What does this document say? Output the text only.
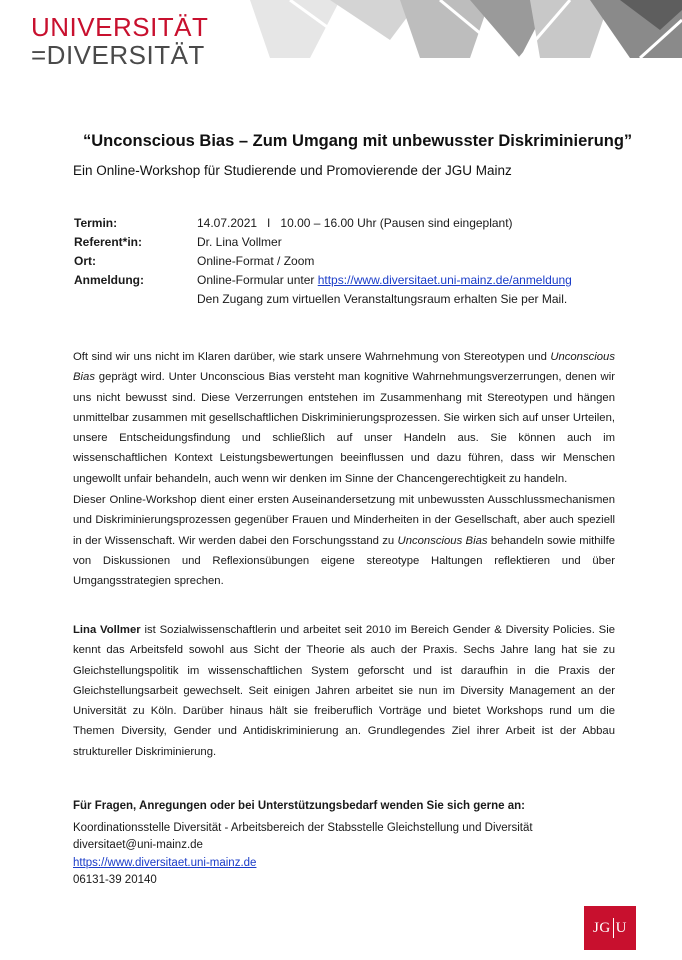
UNIVERSITÄT
=DIVERSITÄT
“Unconscious Bias – Zum Umgang mit unbewusster Diskriminierung”
Ein Online-Workshop für Studierende und Promovierende der JGU Mainz
Termin:	14.07.2021   I   10.00 – 16.00 Uhr (Pausen sind eingeplant)
Referent*in:	Dr. Lina Vollmer
Ort:	Online-Format / Zoom
Anmeldung:	Online-Formular unter https://www.diversitaet.uni-mainz.de/anmeldung
Den Zugang zum virtuellen Veranstaltungsraum erhalten Sie per Mail.
Oft sind wir uns nicht im Klaren darüber, wie stark unsere Wahrnehmung von Stereotypen und Unconscious Bias geprägt wird. Unter Unconscious Bias versteht man kognitive Wahrnehmungsverzerrungen, denen wir uns nicht bewusst sind. Diese Verzerrungen entstehen im Zusammenhang mit Stereotypen und hängen unmittelbar zusammen mit gesellschaftlichen Diskriminierungsprozessen. Sie wirken sich auf unser Urteilen, unsere Entscheidungsfindung und schließlich auf unser Handeln aus. Sie können auch im wissenschaftlichen Kontext Leistungsbewertungen beeinflussen und dazu führen, dass wir Menschen ungewollt unfair behandeln, auch wenn wir denken im Sinne der Chancengerechtigkeit zu handeln.
Dieser Online-Workshop dient einer ersten Auseinandersetzung mit unbewussten Ausschlussmechanismen und Diskriminierungsprozessen gegenüber Frauen und Minderheiten in der Gesellschaft, aber auch speziell in der Wissenschaft. Wir werden dabei den Forschungsstand zu Unconscious Bias behandeln sowie mithilfe von Diskussionen und Reflexionsübungen eigene stereotype Haltungen reflektieren und über Umgangsstrategien sprechen.
Lina Vollmer ist Sozialwissenschaftlerin und arbeitet seit 2010 im Bereich Gender & Diversity Policies. Sie kennt das Arbeitsfeld sowohl aus Sicht der Theorie als auch der Praxis. Sechs Jahre lang hat sie zu Gleichstellungspolitik im wissenschaftlichen System geforscht und ist daraufhin in die Praxis der Gleichstellungsarbeit gewechselt. Seit einigen Jahren arbeitet sie nun im Diversity Management an der Universität zu Köln. Darüber hinaus hält sie freiberuflich Vorträge und bietet Workshops rund um die Themen Diversity, Gender und Antidiskriminierung an. Grundlegendes Ziel ihrer Arbeit ist der Abbau struktureller Diskriminierung.
Für Fragen, Anregungen oder bei Unterstützungsbedarf wenden Sie sich gerne an:
Koordinationsstelle Diversität - Arbeitsbereich der Stabsstelle Gleichstellung und Diversität
diversitaet@uni-mainz.de
https://www.diversitaet.uni-mainz.de
06131-39 20140
JG U
